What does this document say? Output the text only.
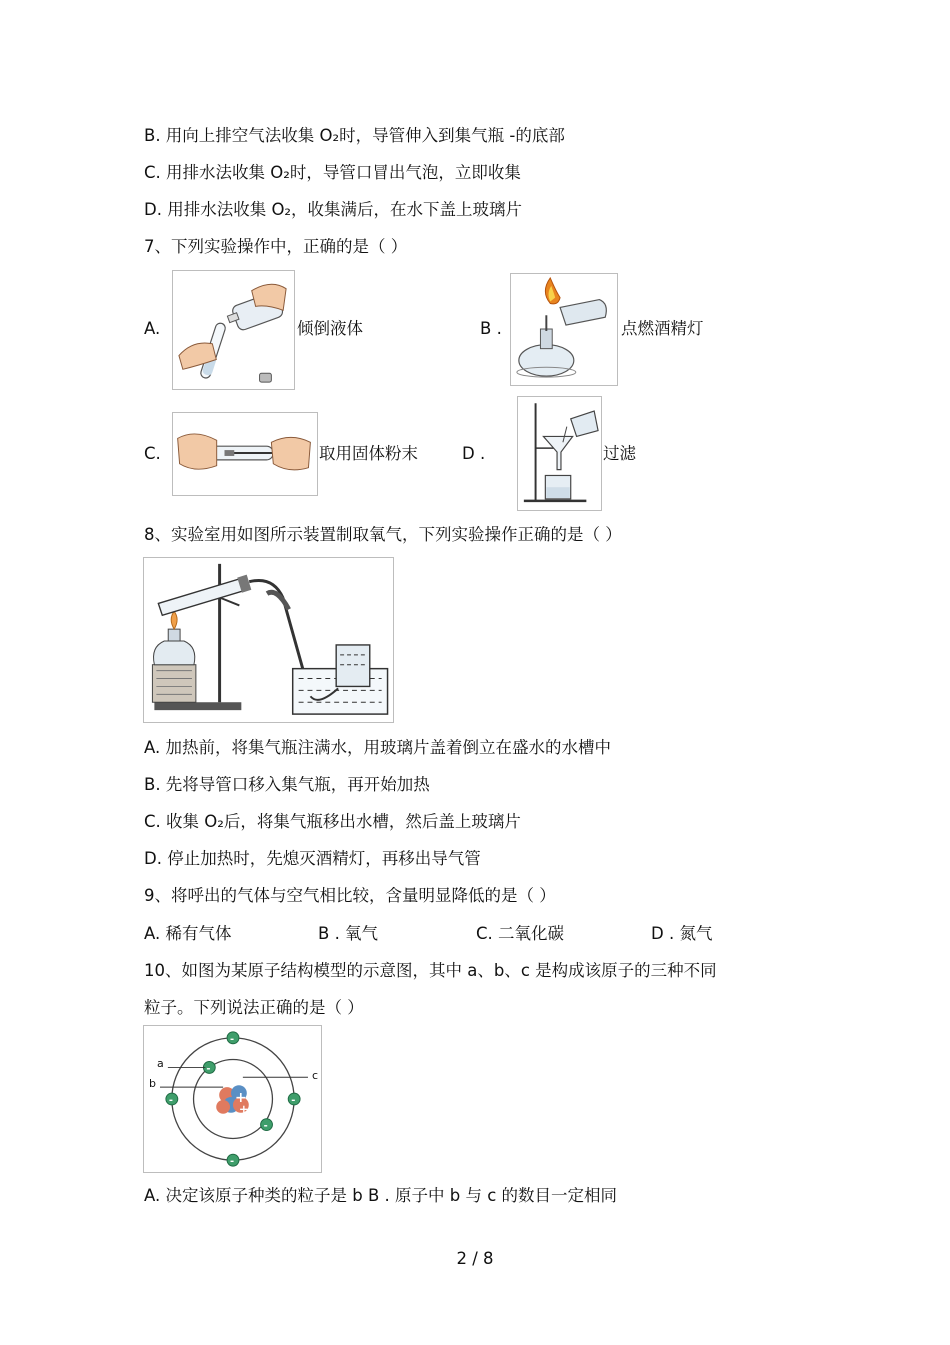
B. 用向上排空气法收集 O₂时，导管伸入到集气瓶 -的底部
C. 用排水法收集 O₂时，导管口冒出气泡，立即收集
D. 用排水法收集 O₂，收集满后，在水下盖上玻璃片
7、下列实验操作中，正确的是（ ）
A.	倾倒液体	B .	点燃酒精灯
C.	取用固体粉末	D .	过滤
8、实验室用如图所示装置制取氧气，下列实验操作正确的是（ ）
A. 加热前，将集气瓶注满水，用玻璃片盖着倒立在盛水的水槽中
B. 先将导管口移入集气瓶，再开始加热
C. 收集 O₂后，将集气瓶移出水槽，然后盖上玻璃片
D. 停止加热时，先熄灭酒精灯，再移出导气管
9、将呼出的气体与空气相比较，含量明显降低的是（ ）
A. 稀有气体	B . 氧气	C. 二氧化碳	D . 氮气
10、如图为某原子结构模型的示意图，其中 a、b、c 是构成该原子的三种不同
粒子。下列说法正确的是（ ）
+
+
-
-
-	-
-
-
a
b
c
A. 决定该原子种类的粒子是 b B . 原子中 b 与 c 的数目一定相同
2 / 8
